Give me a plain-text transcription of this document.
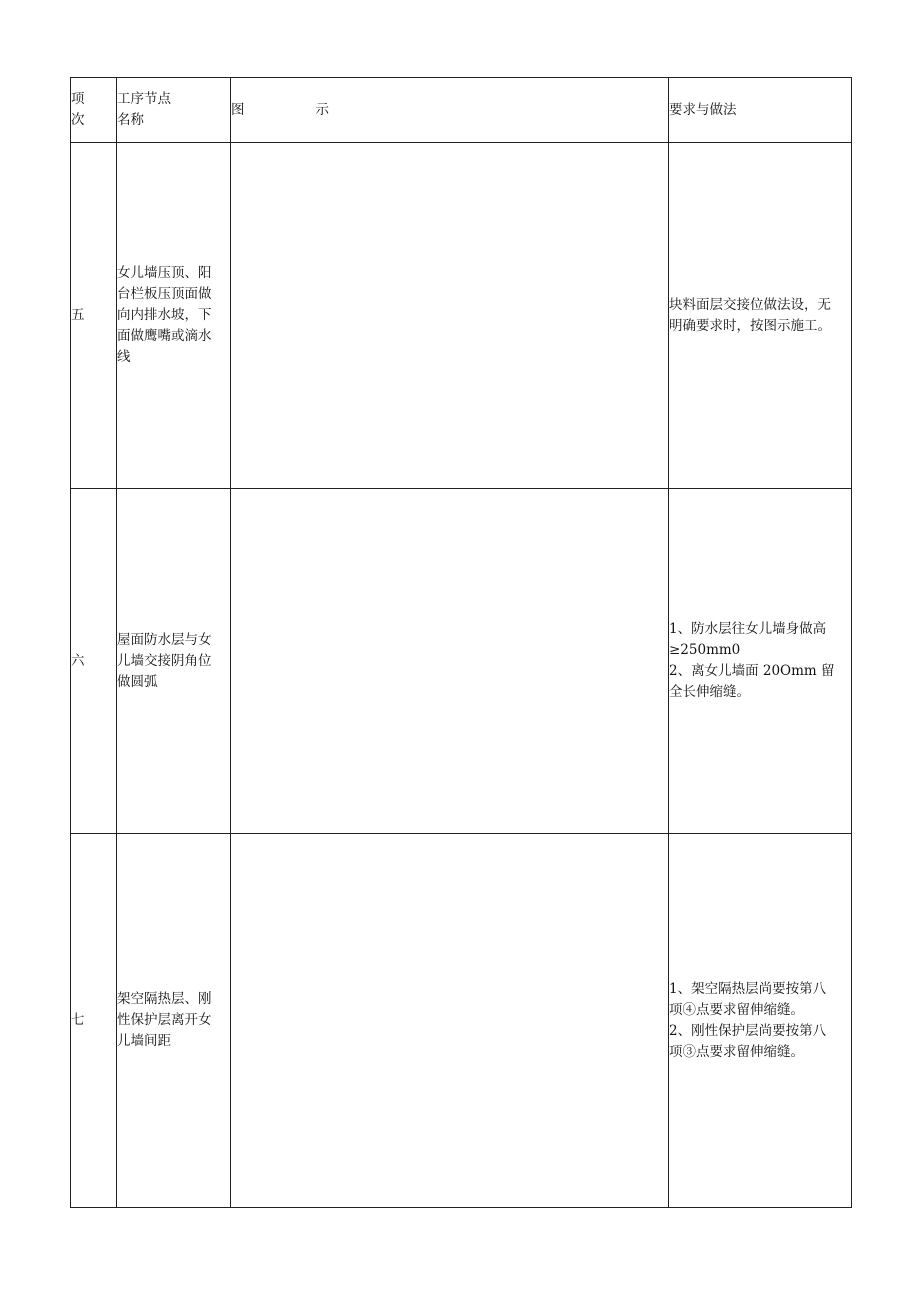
项
次	工序节点
名称	图 示	要求与做法
五	女儿墙压顶、阳
台栏板压顶面做
向内排水坡，下
面做鹰嘴或滴水
线		块料面层交接位做法设，无
明确要求时，按图示施工。

六	屋面防水层与女
儿墙交接阴角位
做圆弧		1、防水层往女儿墙身做高
≥250mm0
2、离女儿墙面 20Omm 留
全长伸缩缝。

七	架空隔热层、刚
性保护层离开女
儿墙间距		1、架空隔热层尚要按第八
项④点要求留伸缩缝。
2、刚性保护层尚要按第八
项③点要求留伸缩缝。
